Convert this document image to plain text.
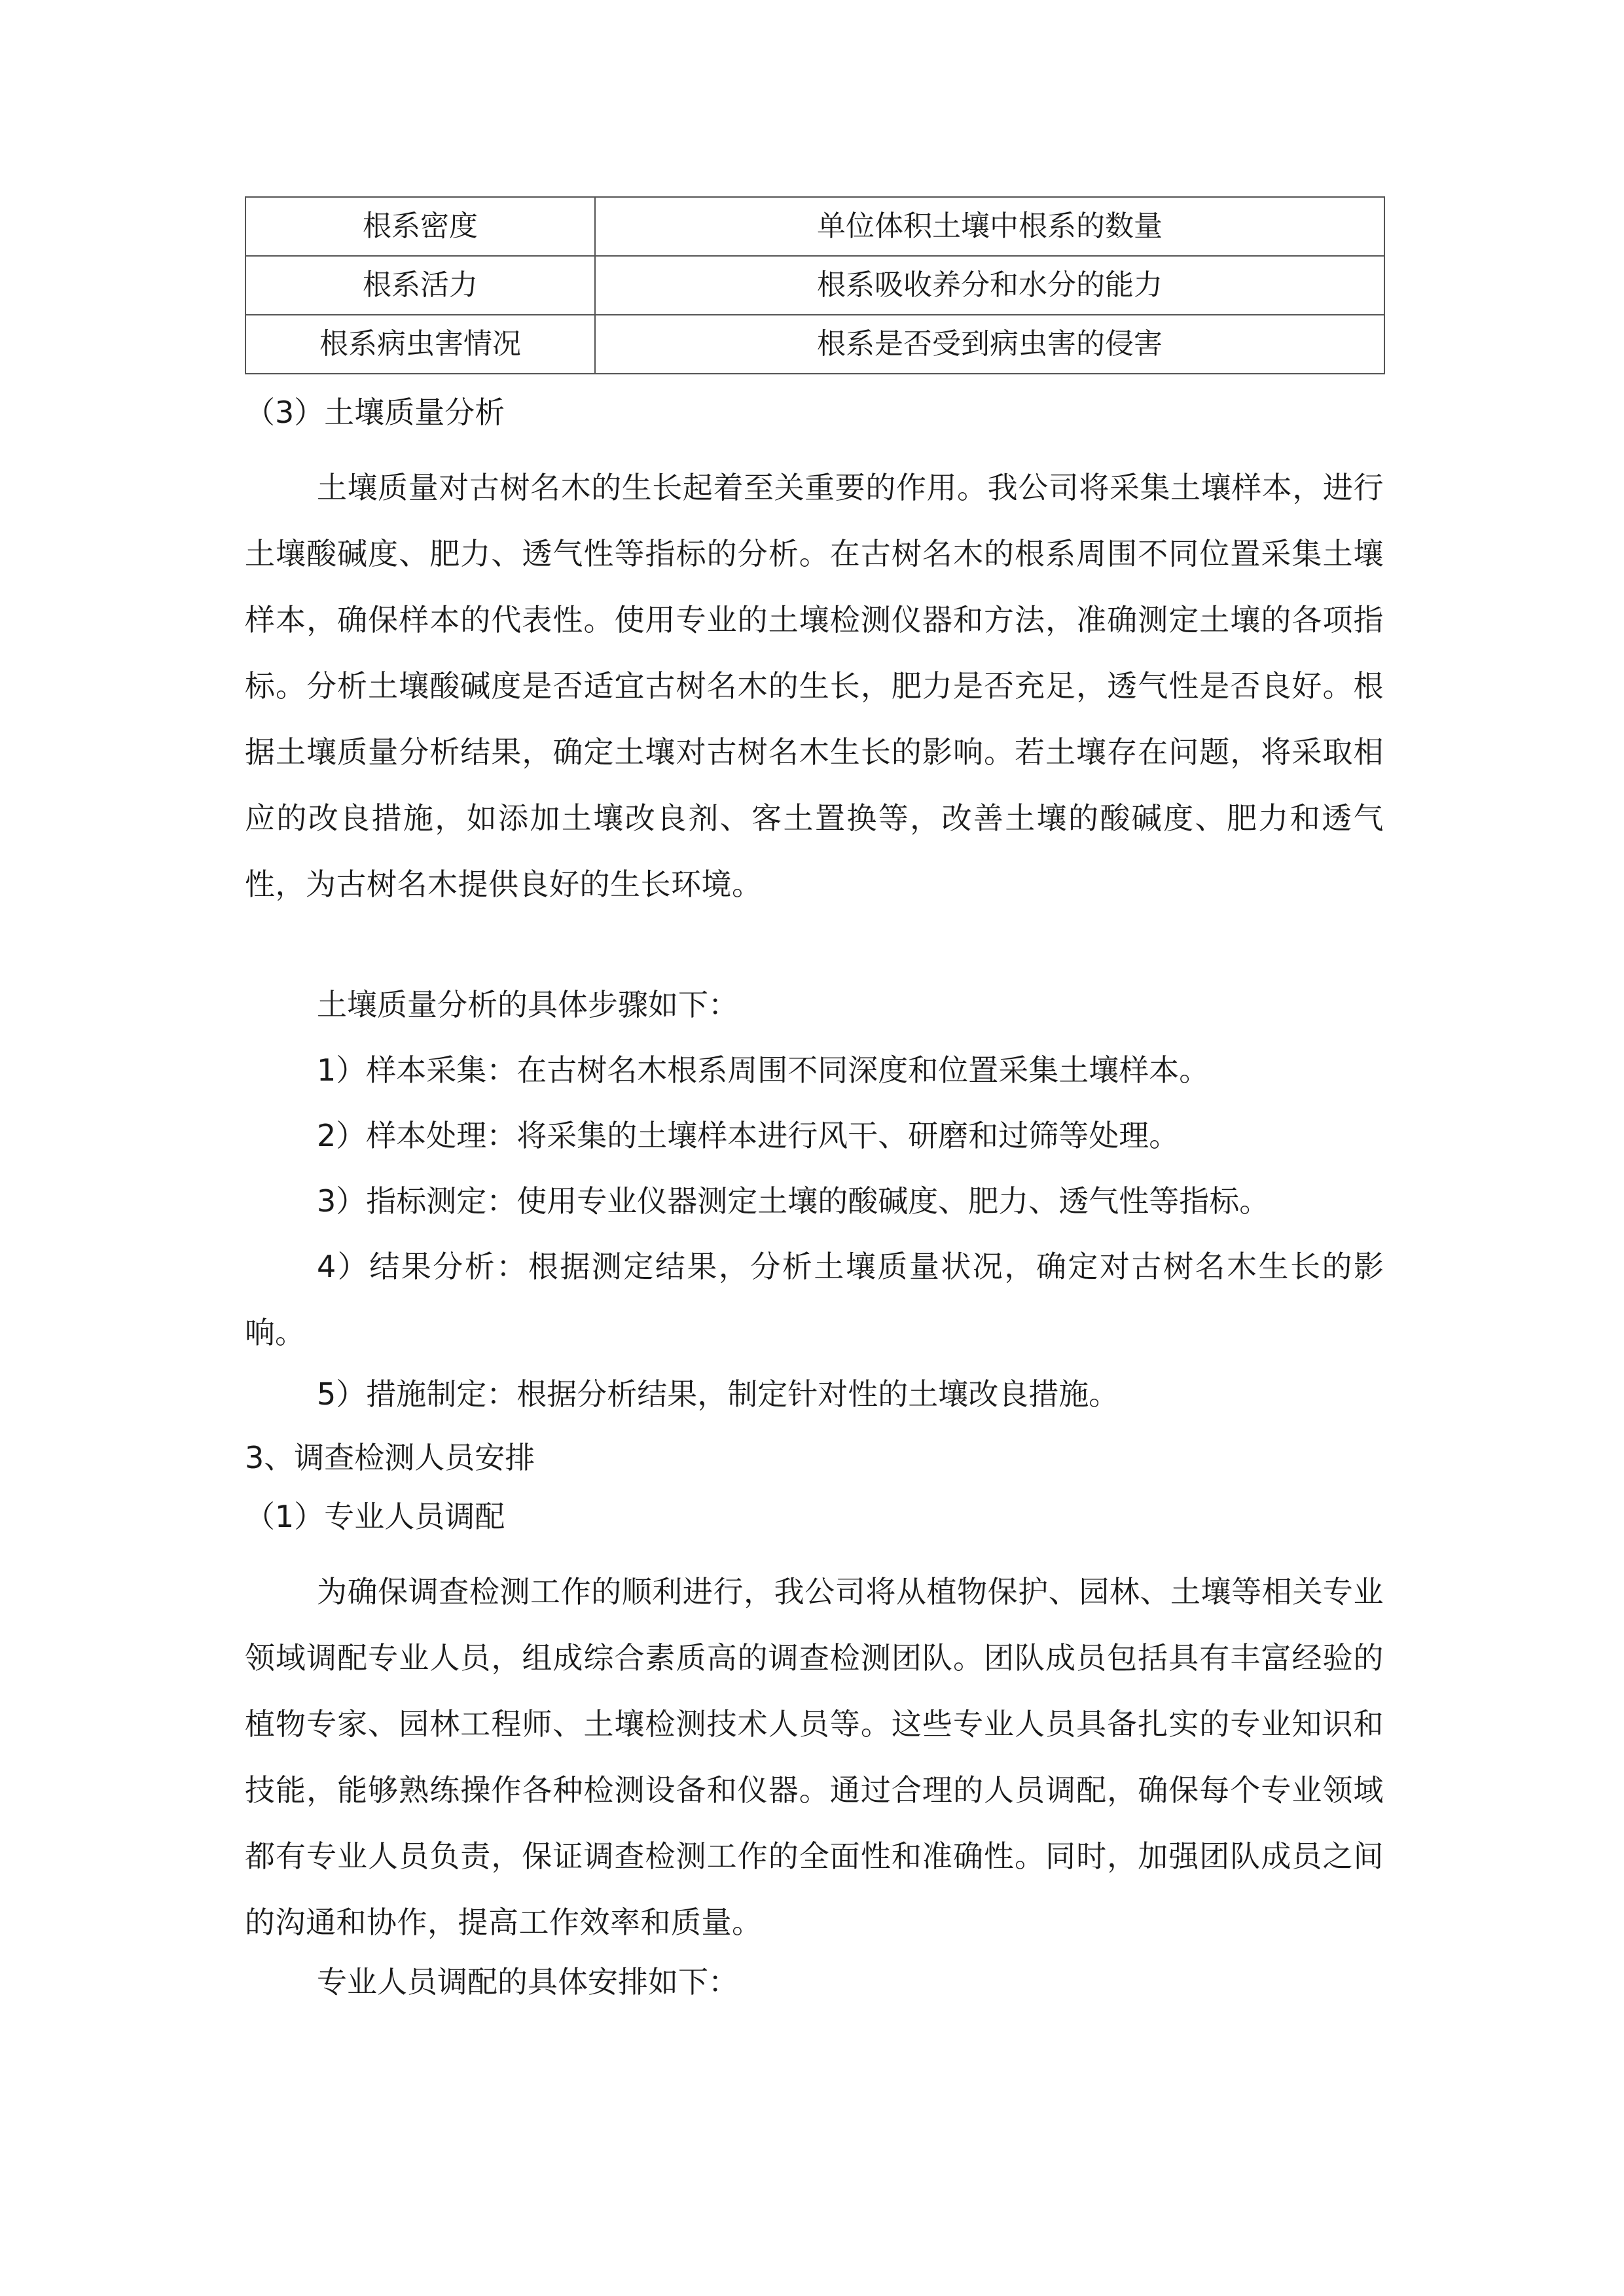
根系密度	单位体积土壤中根系的数量
根系活力	根系吸收养分和水分的能力
根系病虫害情况	根系是否受到病虫害的侵害
（3）土壤质量分析
土壤质量对古树名木的生长起着至关重要的作用。我公司将采集土壤样本，进行土壤酸碱度、肥力、透气性等指标的分析。在古树名木的根系周围不同位置采集土壤样本，确保样本的代表性。使用专业的土壤检测仪器和方法，准确测定土壤的各项指标。分析土壤酸碱度是否适宜古树名木的生长，肥力是否充足，透气性是否良好。根据土壤质量分析结果，确定土壤对古树名木生长的影响。若土壤存在问题，将采取相应的改良措施，如添加土壤改良剂、客土置换等，改善土壤的酸碱度、肥力和透气性，为古树名木提供良好的生长环境。
土壤质量分析的具体步骤如下：
1）样本采集：在古树名木根系周围不同深度和位置采集土壤样本。
2）样本处理：将采集的土壤样本进行风干、研磨和过筛等处理。
3）指标测定：使用专业仪器测定土壤的酸碱度、肥力、透气性等指标。
4）结果分析：根据测定结果，分析土壤质量状况，确定对古树名木生长的影响。
5）措施制定：根据分析结果，制定针对性的土壤改良措施。
3、调查检测人员安排
（1）专业人员调配
为确保调查检测工作的顺利进行，我公司将从植物保护、园林、土壤等相关专业领域调配专业人员，组成综合素质高的调查检测团队。团队成员包括具有丰富经验的植物专家、园林工程师、土壤检测技术人员等。这些专业人员具备扎实的专业知识和技能，能够熟练操作各种检测设备和仪器。通过合理的人员调配，确保每个专业领域都有专业人员负责，保证调查检测工作的全面性和准确性。同时，加强团队成员之间的沟通和协作，提高工作效率和质量。
专业人员调配的具体安排如下：
